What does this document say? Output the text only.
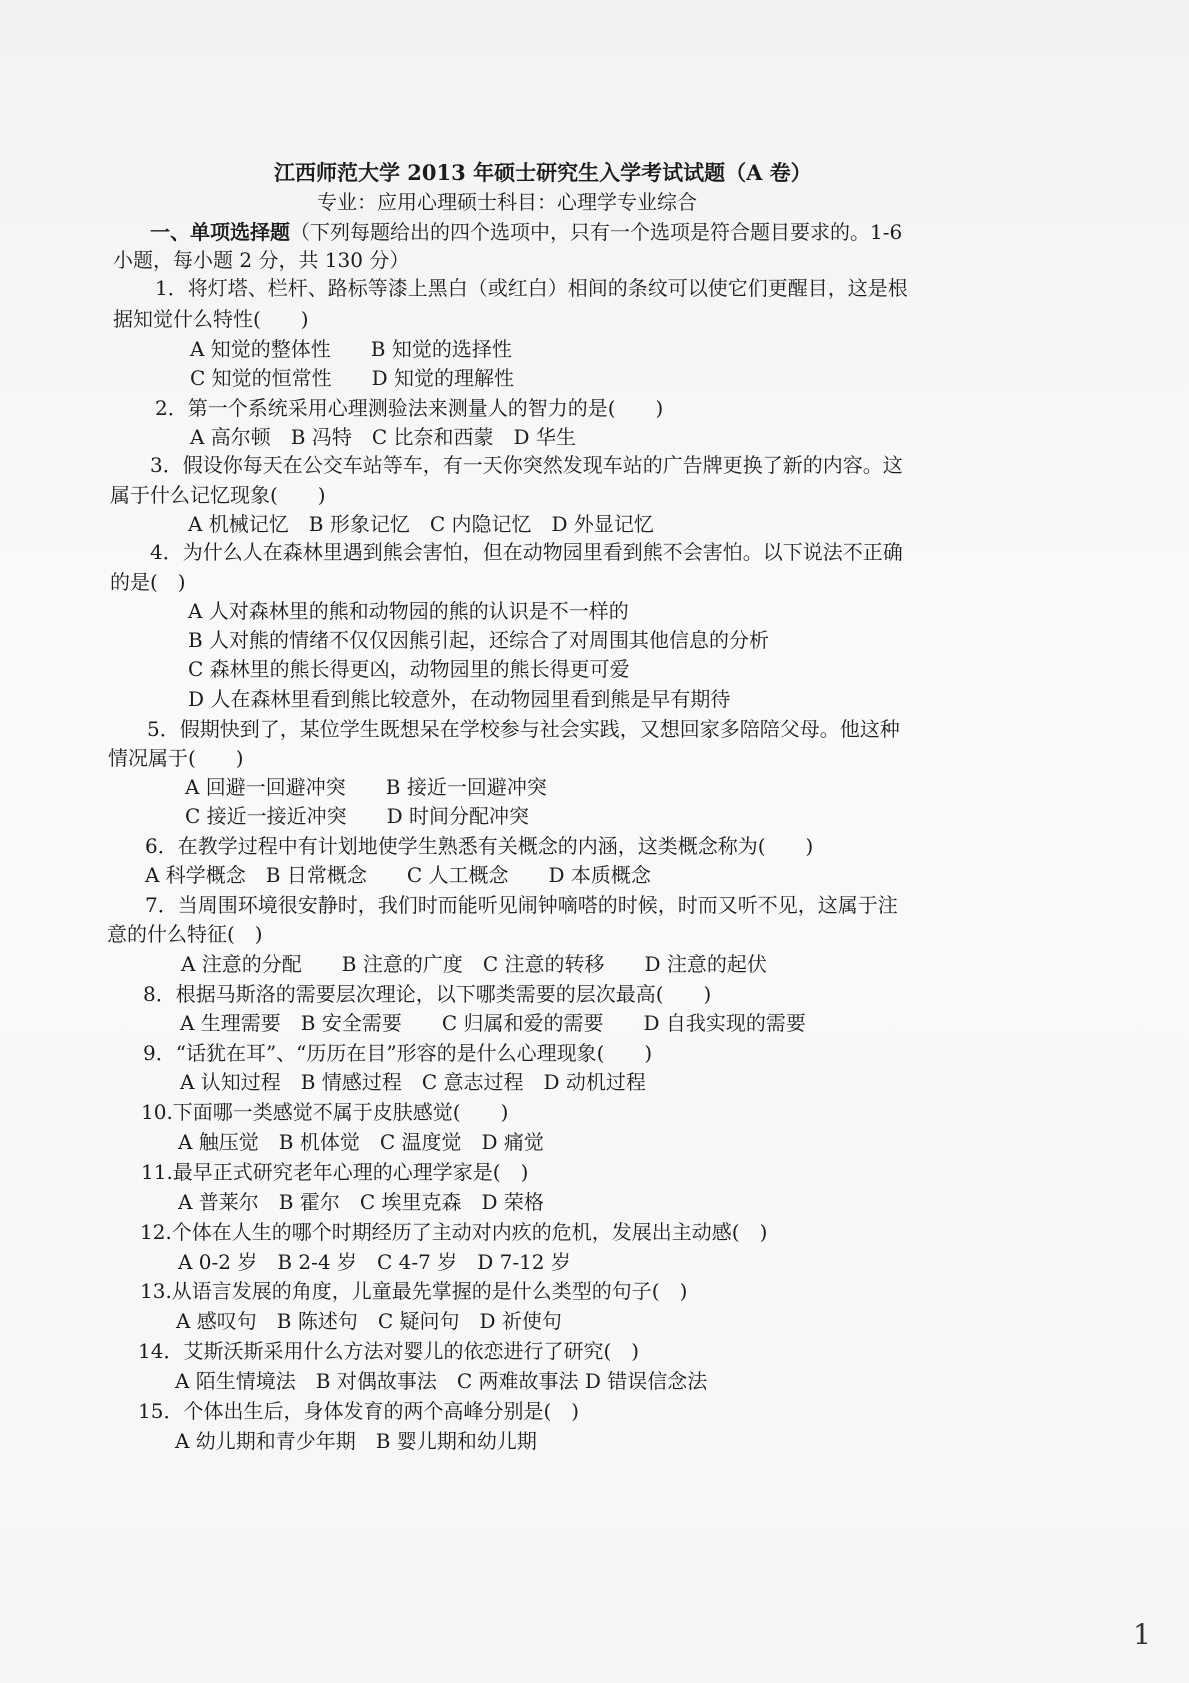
江西师范大学 2013 年硕士研究生入学考试试题（A 卷）
专业：应用心理硕士科目：心理学专业综合
一、单项选择题（下列每题给出的四个选项中，只有一个选项是符合题目要求的。1-6
小题，每小题 2 分，共 130 分）
1．将灯塔、栏杆、路标等漆上黑白（或红白）相间的条纹可以使它们更醒目，这是根
据知觉什么特性(　　)
A 知觉的整体性　　B 知觉的选择性
C 知觉的恒常性　　D 知觉的理解性
2．第一个系统采用心理测验法来测量人的智力的是(　　)
A 高尔顿　B 冯特　C 比奈和西蒙　D 华生
3．假设你每天在公交车站等车，有一天你突然发现车站的广告牌更换了新的内容。这
属于什么记忆现象(　　)
A 机械记忆　B 形象记忆　C 内隐记忆　D 外显记忆
4．为什么人在森林里遇到熊会害怕，但在动物园里看到熊不会害怕。以下说法不正确
的是(　)
A 人对森林里的熊和动物园的熊的认识是不一样的
B 人对熊的情绪不仅仅因熊引起，还综合了对周围其他信息的分析
C 森林里的熊长得更凶，动物园里的熊长得更可爱
D 人在森林里看到熊比较意外，在动物园里看到熊是早有期待
5．假期快到了，某位学生既想呆在学校参与社会实践，又想回家多陪陪父母。他这种
情况属于(　　)
A 回避一回避冲突　　B 接近一回避冲突
C 接近一接近冲突　　D 时间分配冲突
6．在教学过程中有计划地使学生熟悉有关概念的内涵，这类概念称为(　　)
A 科学概念　B 日常概念　　C 人工概念　　D 本质概念
7．当周围环境很安静时，我们时而能听见闹钟嘀嗒的时候，时而又听不见，这属于注
意的什么特征(　)
A 注意的分配　　B 注意的广度　C 注意的转移　　D 注意的起伏
8．根据马斯洛的需要层次理论，以下哪类需要的层次最高(　　)
A 生理需要　B 安全需要　　C 归属和爱的需要　　D 自我实现的需要
9．“话犹在耳”、“历历在目”形容的是什么心理现象(　　)
A 认知过程　B 情感过程　C 意志过程　D 动机过程
10.下面哪一类感觉不属于皮肤感觉(　　)
A 触压觉　B 机体觉　C 温度觉　D 痛觉
11.最早正式研究老年心理的心理学家是(　)
A 普莱尔　B 霍尔　C 埃里克森　D 荣格
12.个体在人生的哪个时期经历了主动对内疚的危机，发展出主动感(　)
A 0-2 岁　B 2-4 岁　C 4-7 岁　D 7-12 岁
13.从语言发展的角度，儿童最先掌握的是什么类型的句子(　)
A 感叹句　B 陈述句　C 疑问句　D 祈使句
14．艾斯沃斯采用什么方法对婴儿的依恋进行了研究(　)
A 陌生情境法　B 对偶故事法　C 两难故事法 D 错误信念法
15．个体出生后，身体发育的两个高峰分别是(　)
A 幼儿期和青少年期　B 婴儿期和幼儿期
1
